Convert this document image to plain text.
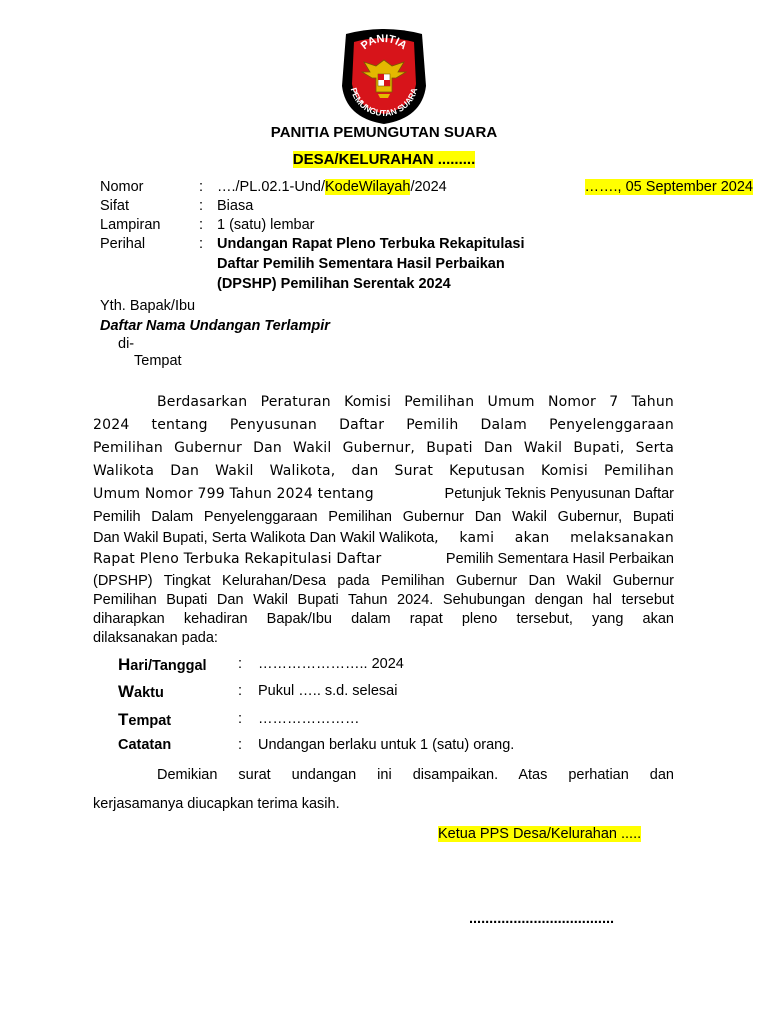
PANITIA
PEMUNGUTAN SUARA
PANITIA PEMUNGUTAN SUARA
DESA/KELURAHAN .........
Nomor	: …./PL.02.1-Und/KodeWilayah/2024	……., 05 September 2024
Sifat	: Biasa
Lampiran	: 1 (satu) lembar
Perihal	: Undangan Rapat Pleno Terbuka Rekapitulasi
Daftar Pemilih Sementara Hasil Perbaikan
(DPSHP) Pemilihan Serentak 2024
Yth. Bapak/Ibu
Daftar Nama Undangan Terlampir
di-
Tempat
Berdasarkan Peraturan Komisi Pemilihan Umum Nomor 7 Tahun
2024 tentang Penyusunan Daftar Pemilih Dalam Penyelenggaraan
Pemilihan Gubernur Dan Wakil Gubernur, Bupati Dan Wakil Bupati, Serta
Walikota Dan Wakil Walikota, dan Surat Keputusan Komisi Pemilihan
Umum Nomor 799 Tahun 2024 tentang	Petunjuk Teknis Penyusunan Daftar
Pemilih Dalam Penyelenggaraan Pemilihan Gubernur Dan Wakil Gubernur, Bupati
Dan Wakil Bupati, Serta Walikota Dan Wakil Walikota , kami akan melaksanakan
Rapat Pleno Terbuka Rekapitulasi Daftar	Pemilih Sementara Hasil Perbaikan
(DPSHP) Tingkat Kelurahan/Desa pada Pemilihan Gubernur Dan Wakil Gubernur
Pemilihan Bupati Dan Wakil Bupati Tahun 2024. Sehubungan dengan hal tersebut
diharapkan kehadiran Bapak/Ibu dalam rapat pleno tersebut, yang akan
dilaksanakan pada:
Hari/Tanggal : ………………….. 2024
Waktu	: Pukul ….. s.d. selesai
Tempat	: …………………
Catatan	: Undangan berlaku untuk 1 (satu) orang.
Demikian surat undangan ini disampaikan. Atas perhatian dan
kerjasamanya diucapkan terima kasih.
Ketua PPS Desa/Kelurahan .....
....................................
